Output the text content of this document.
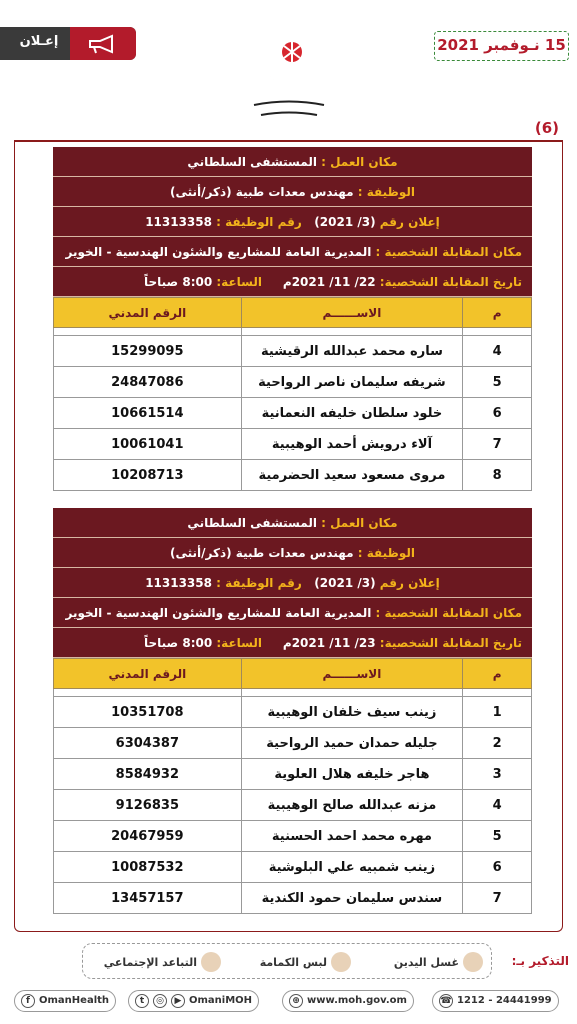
إعـلان	15 نـوفمبر 2021
(6)
مكان العمل : المستشفى السلطاني
الوظيفة : مهندس معدات طبية (ذكر/أنثى)
إعلان رقم (3/ 2021)   رقم الوظيفة : 11313358
مكان المقابلة الشخصية : المديرية العامة للمشاريع والشئون الهندسية - الخوير
تاريخ المقابلة الشخصية: 22/ 11/ 2021م     الساعة: 8:00 صباحاً
م	الاســــــم	الرقم المدني

4	ساره محمد عبدالله الرقيشية	15299095
5	شريفه سليمان ناصر الرواحية	24847086
6	خلود سلطان خليفه النعمانية	10661514
7	آلاء درويش أحمد الوهيبية	10061041
8	مروى مسعود سعيد الحضرمية	10208713
مكان العمل : المستشفى السلطاني
الوظيفة : مهندس معدات طبية (ذكر/أنثى)
إعلان رقم (3/ 2021)   رقم الوظيفة : 11313358
مكان المقابلة الشخصية : المديرية العامة للمشاريع والشئون الهندسية - الخوير
تاريخ المقابلة الشخصية: 23/ 11/ 2021م     الساعة: 8:00 صباحاً
م	الاســــــم	الرقم المدني

1	زينب سيف خلفان الوهيبية	10351708
2	جليله حمدان حميد الرواحية	6304387
3	هاجر خليفه هلال العلوية	8584932
4	مزنه عبدالله صالح الوهيبية	9126835
5	مهره محمد احمد الحسنية	20467959
6	زينب شمبيه علي البلوشية	10087532
7	سندس سليمان حمود الكندية	13457157
التذكير بـ:
غسل اليدين
لبس الكمامة
التباعد الإجتماعي
f OmanHealth	t	◎	▶ OmaniMOH	⊕ www.moh.gov.om	☎ 1212 - 24441999
